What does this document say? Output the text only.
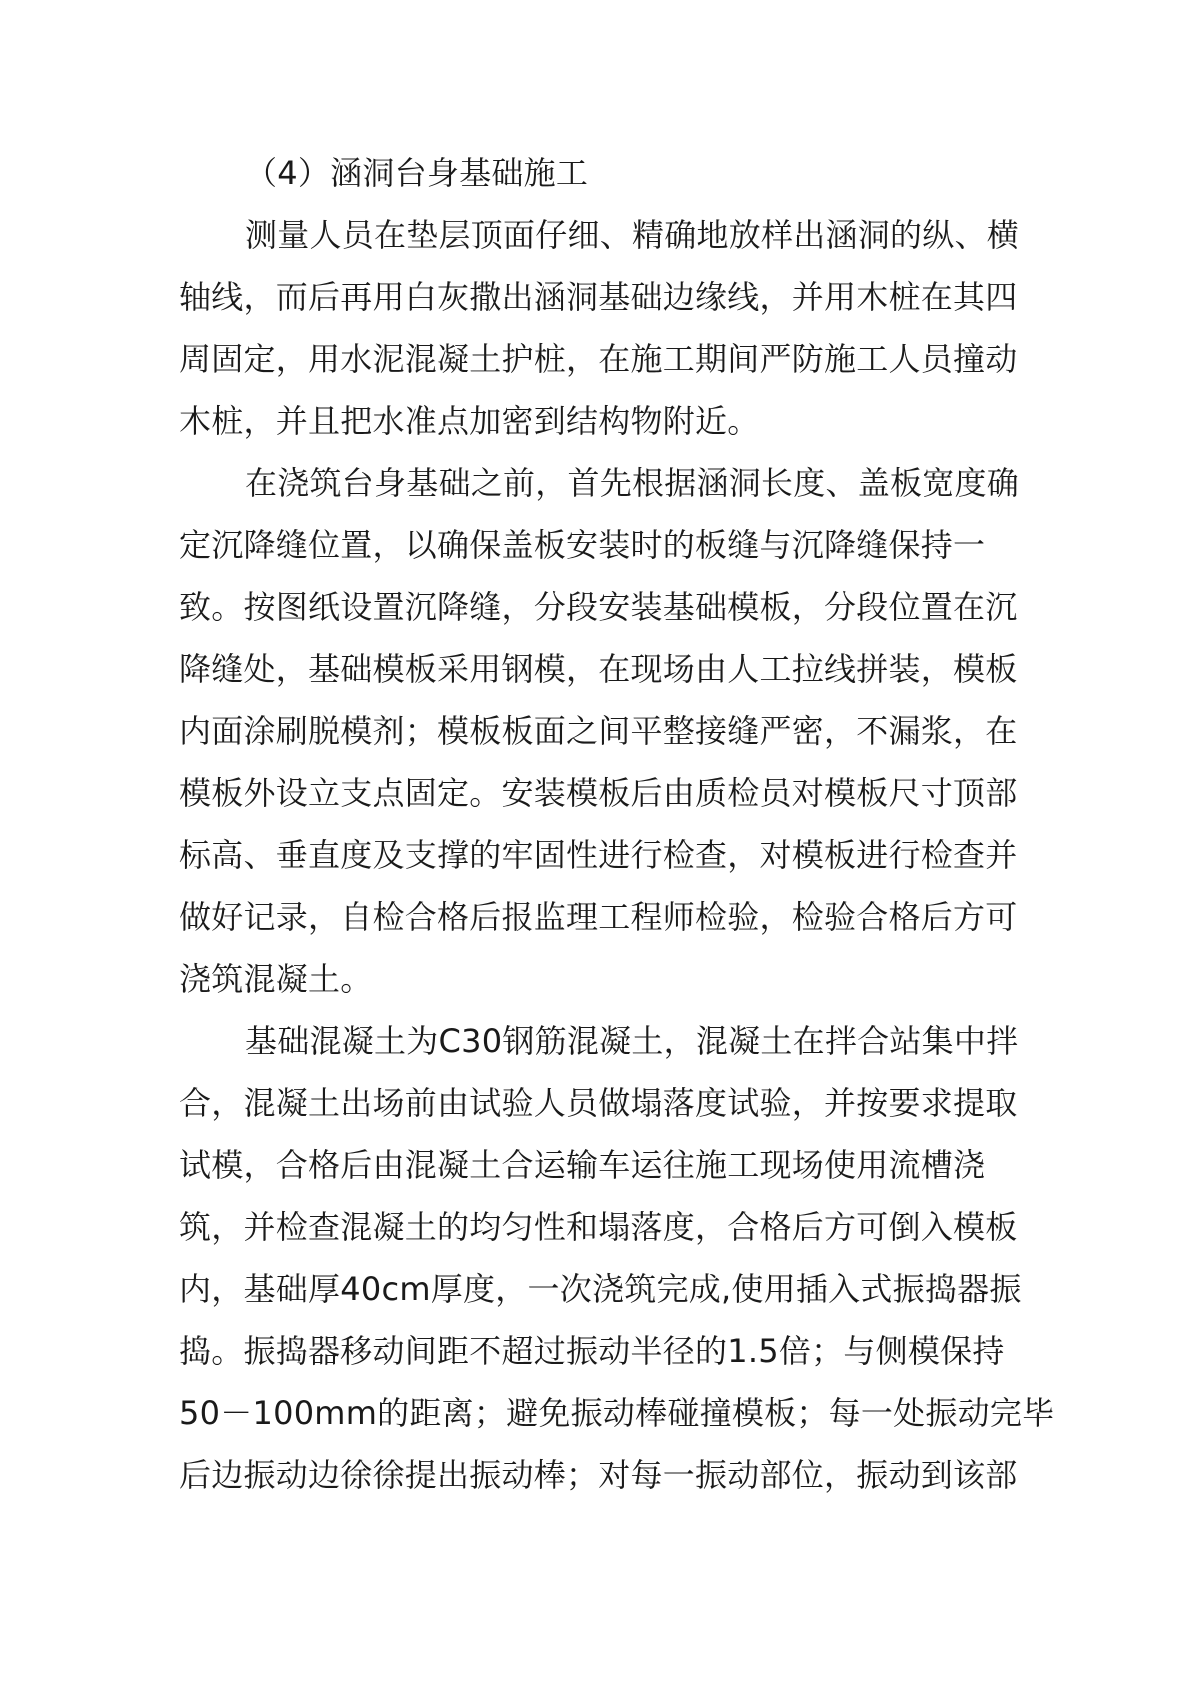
（4）涵洞台身基础施工
测量人员在垫层顶面仔细、精确地放样出涵洞的纵、横
轴线，而后再用白灰撒出涵洞基础边缘线，并用木桩在其四
周固定，用水泥混凝土护桩，在施工期间严防施工人员撞动
木桩，并且把水准点加密到结构物附近。
在浇筑台身基础之前，首先根据涵洞长度、盖板宽度确
定沉降缝位置，以确保盖板安装时的板缝与沉降缝保持一
致。按图纸设置沉降缝，分段安装基础模板，分段位置在沉
降缝处，基础模板采用钢模，在现场由人工拉线拼装，模板
内面涂刷脱模剂；模板板面之间平整接缝严密，不漏浆，在
模板外设立支点固定。安装模板后由质检员对模板尺寸顶部
标高、垂直度及支撑的牢固性进行检查，对模板进行检查并
做好记录，自检合格后报监理工程师检验，检验合格后方可
浇筑混凝土。
基础混凝土为C30钢筋混凝土，混凝土在拌合站集中拌
合，混凝土出场前由试验人员做塌落度试验，并按要求提取
试模，合格后由混凝土合运输车运往施工现场使用流槽浇
筑，并检查混凝土的均匀性和塌落度，合格后方可倒入模板
内，基础厚40cm厚度，一次浇筑完成,使用插入式振捣器振
捣。振捣器移动间距不超过振动半径的1.5倍；与侧模保持
50－100mm的距离；避免振动棒碰撞模板；每一处振动完毕
后边振动边徐徐提出振动棒；对每一振动部位，振动到该部
